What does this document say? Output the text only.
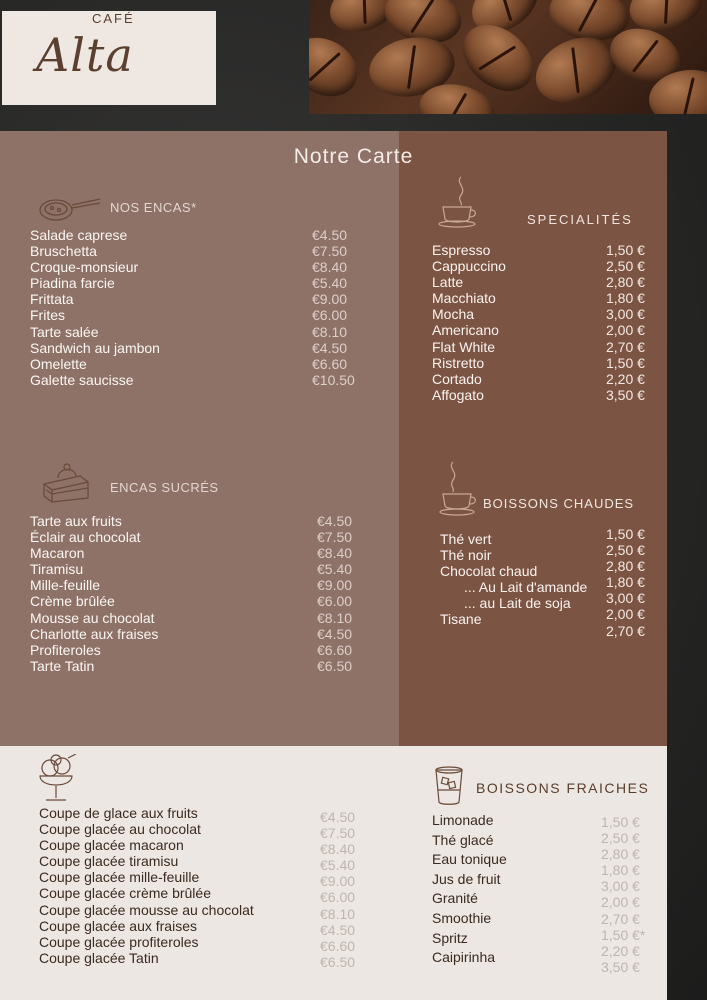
CAFÉ
Alta
Notre Carte
NOS ENCAS*
Salade caprese
Bruschetta
Croque-monsieur
Piadina farcie
Frittata
Frites
Tarte salée
Sandwich au jambon
Omelette
Galette saucisse
€4.50
€7.50
€8.40
€5.40
€9.00
€6.00
€8.10
€4.50
€6.60
€10.50
ENCAS SUCRÉS
Tarte aux fruits
Éclair au chocolat
Macaron
Tiramisu
Mille-feuille
Crème brûlée
Mousse au chocolat
Charlotte aux fraises
Profiteroles
Tarte Tatin
€4.50
€7.50
€8.40
€5.40
€9.00
€6.00
€8.10
€4.50
€6.60
€6.50
SPECIALITÉS
Espresso
Cappuccino
Latte
Macchiato
Mocha
Americano
Flat White
Ristretto
Cortado
Affogato
1,50 €
2,50 €
2,80 €
1,80 €
3,00 €
2,00 €
2,70 €
1,50 €
2,20 €
3,50 €
BOISSONS CHAUDES
Thé vert
Thé noir
Chocolat chaud
... Au Lait d'amande
... au Lait de soja
Tisane
1,50 €
2,50 €
2,80 €
1,80 €
3,00 €
2,00 €
2,70 €
Coupe de glace aux fruits
Coupe glacée au chocolat
Coupe glacée macaron
Coupe glacée tiramisu
Coupe glacée mille-feuille
Coupe glacée crème brûlée
Coupe glacée mousse au chocolat
Coupe glacée aux fraises
Coupe glacée profiteroles
Coupe glacée Tatin
€4.50
€7.50
€8.40
€5.40
€9.00
€6.00
€8.10
€4.50
€6.60
€6.50
BOISSONS FRAICHES
Limonade
Thé glacé
Eau tonique
Jus de fruit
Granité
Smoothie
Spritz
Caipirinha
1,50 €
2,50 €
2,80 €
1,80 €
3,00 €
2,00 €
2,70 €
1,50 €*
2,20 €
3,50 €
